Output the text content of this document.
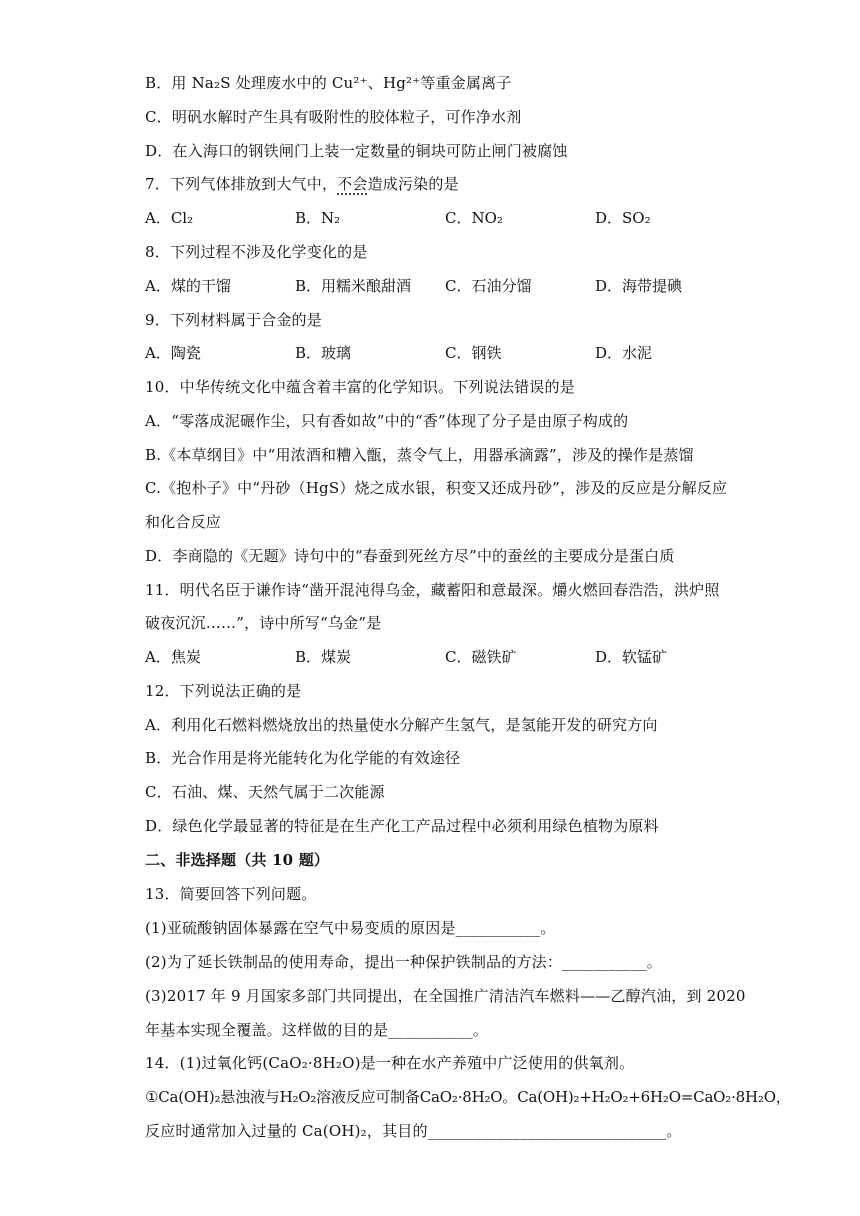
B．用 Na₂S 处理废水中的 Cu²⁺、Hg²⁺等重金属离子
C．明矾水解时产生具有吸附性的胶体粒子，可作净水剂
D．在入海口的钢铁闸门上装一定数量的铜块可防止闸门被腐蚀
7．下列气体排放到大气中，不会造成污染的是
A．Cl₂	B．N₂	C．NO₂	D．SO₂
8．下列过程不涉及化学变化的是
A．煤的干馏	B．用糯米酿甜酒 C．石油分馏	D．海带提碘
9．下列材料属于合金的是
A．陶瓷	B．玻璃	C．钢铁	D．水泥
10．中华传统文化中蕴含着丰富的化学知识。下列说法错误的是
A．“零落成泥碾作尘，只有香如故”中的“香”体现了分子是由原子构成的
B.《本草纲目》中“用浓酒和糟入甑，蒸令气上，用器承滴露”，涉及的操作是蒸馏
C.《抱朴子》中“丹砂（HgS）烧之成水银，积变又还成丹砂”，涉及的反应是分解反应
和化合反应
D．李商隐的《无题》诗句中的“春蚕到死丝方尽”中的蚕丝的主要成分是蛋白质
11．明代名臣于谦作诗“凿开混沌得乌金，藏蓄阳和意最深。爝火燃回春浩浩，洪炉照
破夜沉沉……”，诗中所写“乌金”是
A．焦炭	B．煤炭	C．磁铁矿	D．软锰矿
12．下列说法正确的是
A．利用化石燃料燃烧放出的热量使水分解产生氢气，是氢能开发的研究方向
B．光合作用是将光能转化为化学能的有效途径
C．石油、煤、天然气属于二次能源
D．绿色化学最显著的特征是在生产化工产品过程中必须利用绿色植物为原料
二、非选择题（共 10 题）
13．简要回答下列问题。
(1)亚硫酸钠固体暴露在空气中易变质的原因是___________。
(2)为了延长铁制品的使用寿命，提出一种保护铁制品的方法：___________。
(3)2017 年 9 月国家多部门共同提出，在全国推广清洁汽车燃料——乙醇汽油，到 2020
年基本实现全覆盖。这样做的目的是___________。
14．(1)过氧化钙(CaO₂·8H₂O)是一种在水产养殖中广泛使用的供氧剂。
①Ca(OH)₂悬浊液与H₂O₂溶液反应可制备CaO₂·8H₂O。Ca(OH)₂+H₂O₂+6H₂O=CaO₂·8H₂O，
反应时通常加入过量的 Ca(OH)₂，其目的_______________________________。
